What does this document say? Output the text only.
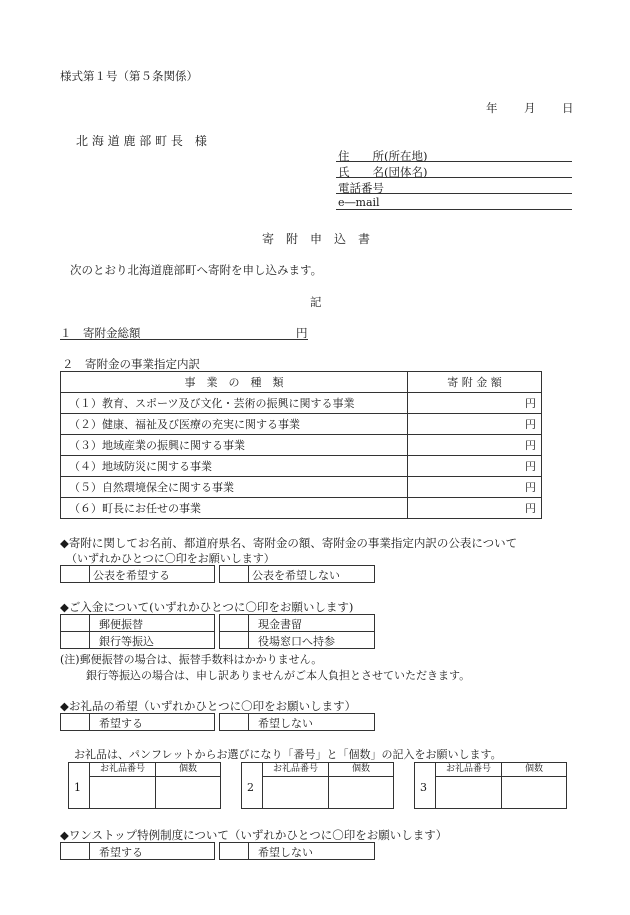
様式第１号（第５条関係）
年 月 日
北 海 道 鹿 部 町 長　様
住　　所(所在地)
氏　　名(団体名)
電話番号
e―mail
寄　附　申　込　書
次のとおり北海道鹿部町へ寄附を申し込みます。
記
１　寄附金総額	円
２　寄附金の事業指定内訳
事　業　の　種　類	寄 附 金 額
（１）教育、スポーツ及び文化・芸術の振興に関する事業	円
（２）健康、福祉及び医療の充実に関する事業	円
（３）地域産業の振興に関する事業	円
（４）地域防災に関する事業	円
（５）自然環境保全に関する事業	円
（６）町長にお任せの事業	円
◆寄附に関してお名前、都道府県名、寄附金の額、寄附金の事業指定内訳の公表について
（いずれかひとつに〇印をお願いします）
公表を希望する	公表を希望しない
◆ご入金について(いずれかひとつに〇印をお願いします)
郵便振替	現金書留
銀行等振込	役場窓口へ持参
(注)郵便振替の場合は、振替手数料はかかりません。
銀行等振込の場合は、申し訳ありませんがご本人負担とさせていただきます。
◆お礼品の希望（いずれかひとつに〇印をお願いします）
希望する	希望しない
お礼品は、パンフレットからお選びになり「番号」と「個数」の記入をお願いします。
1
お礼品番号	個数
2
お礼品番号	個数
3
お礼品番号	個数
◆ワンストップ特例制度について（いずれかひとつに〇印をお願いします）
希望する	希望しない
